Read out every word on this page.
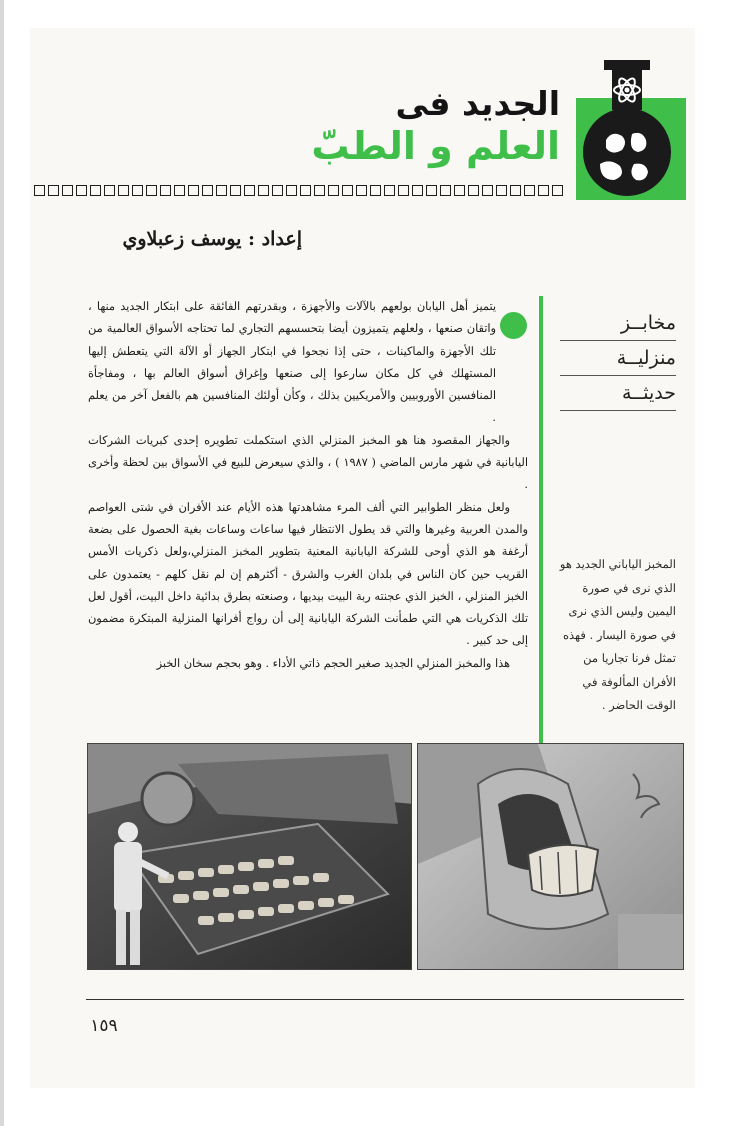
الجديد فى
العلم و الطبّ
إعداد : يوسف زعبلاوي
مخابــز
منزليــة
حديثــة
المخبز الياباني الجديد هو الذي نرى في صورة اليمين وليس الذي نرى في صورة اليسار . فهذه تمثل فرنا تجاريا من الأفران المألوفة في الوقت الحاضر .

يتميز أهل اليابان بولعهم بالآلات والأجهزة ، وبقدرتهم الفائقة على ابتكار الجديد منها ، واتقان صنعها ، ولعلهم يتميزون أيضا بتحسسهم التجاري لما تحتاجه الأسواق العالمية من تلك الأجهزة والماكينات ، حتى إذا نجحوا في ابتكار الجهاز أو الآلة التي يتعطش إليها المستهلك في كل مكان سارعوا إلى صنعها وإغراق أسواق العالم بها ، ومفاجأة المنافسين الأوروبيين والأمريكيين بذلك ، وكأن أولئك المنافسين هم بالفعل آخر من يعلم .

والجهاز المقصود هنا هو المخبز المنزلي الذي استكملت تطويره إحدى كبريات الشركات اليابانية في شهر مارس الماضي ( ١٩٨٧ ) ، والذي سيعرض للبيع في الأسواق بين لحظة وأخرى .

ولعل منظر الطوابير التي ألف المرء مشاهدتها هذه الأيام عند الأفران في شتى العواصم والمدن العربية وغيرها والتي قد يطول الانتظار فيها ساعات وساعات بغية الحصول على بضعة أرغفة هو الذي أوحى للشركة اليابانية المعنية بتطوير المخبز المنزلي،ولعل ذكريات الأمس القريب حين كان الناس في بلدان الغرب والشرق - أكثرهم إن لم نقل كلهم - يعتمدون على الخبز المنزلي ، الخبز الذي عجنته ربة البيت بيديها ، وصنعته بطرق بدائية داخل البيت، أقول لعل تلك الذكريات هي التي طمأنت الشركة اليابانية إلى أن رواج أفرانها المنزلية المبتكرة مضمون إلى حد كبير .

هذا والمخبز المنزلي الجديد صغير الحجم ذاتي الأداء . وهو بحجم سخان الخبز

١٥٩
